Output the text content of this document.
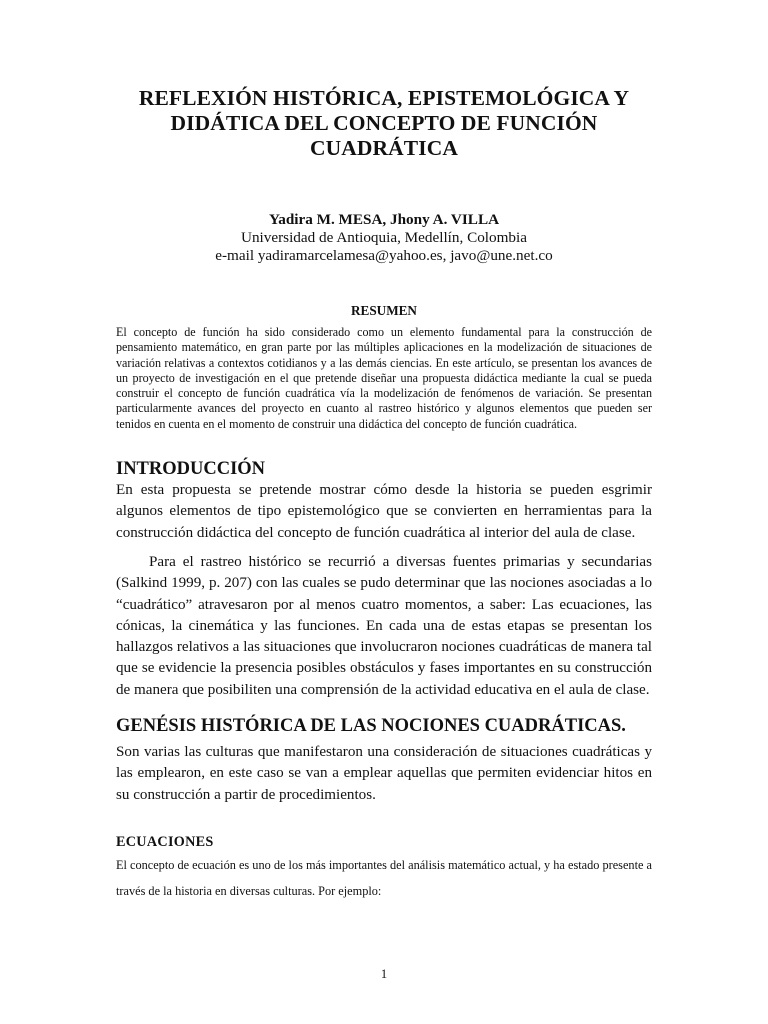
REFLEXIÓN HISTÓRICA, EPISTEMOLÓGICA Y DIDÁTICA DEL CONCEPTO DE FUNCIÓN CUADRÁTICA
Yadira M. MESA, Jhony A. VILLA
Universidad de Antioquia, Medellín, Colombia
e-mail yadiramarcelamesa@yahoo.es, javo@une.net.co
RESUMEN

El concepto de función ha sido considerado como un elemento fundamental para la construcción de pensamiento matemático, en gran parte por las múltiples aplicaciones en la modelización de situaciones de variación relativas a contextos cotidianos y a las demás ciencias. En este artículo, se presentan los avances de un proyecto de investigación en el que pretende diseñar una propuesta didáctica mediante la cual se pueda construir el concepto de función cuadrática vía la modelización de fenómenos de variación. Se presentan particularmente avances del proyecto en cuanto al rastreo histórico y algunos elementos que pueden ser tenidos en cuenta en el momento de construir una didáctica del concepto de función cuadrática.

INTRODUCCIÓN

En esta propuesta se pretende mostrar cómo desde la historia se pueden esgrimir algunos elementos de tipo epistemológico que se convierten en herramientas para la construcción didáctica del concepto de función cuadrática al interior del aula de clase.

Para el rastreo histórico se recurrió a diversas fuentes primarias y secundarias (Salkind 1999, p. 207) con las cuales se pudo determinar que las nociones asociadas a lo “cuadrático” atravesaron por al menos cuatro momentos, a saber: Las ecuaciones, las cónicas, la cinemática y las funciones. En cada una de estas etapas se presentan los hallazgos relativos a las situaciones que involucraron nociones cuadráticas de manera tal que se evidencie la presencia posibles obstáculos y fases importantes en su construcción de manera que posibiliten una comprensión de la actividad educativa en el aula de clase.

GENÉSIS HISTÓRICA DE LAS NOCIONES CUADRÁTICAS.

Son varias las culturas que manifestaron una consideración de situaciones cuadráticas y las emplearon, en este caso se van a emplear aquellas que permiten evidenciar hitos en su construcción a partir de procedimientos.

ECUACIONES

El concepto de ecuación es uno de los más importantes del análisis matemático actual, y ha estado presente a través de la historia en diversas culturas. Por ejemplo:

1
